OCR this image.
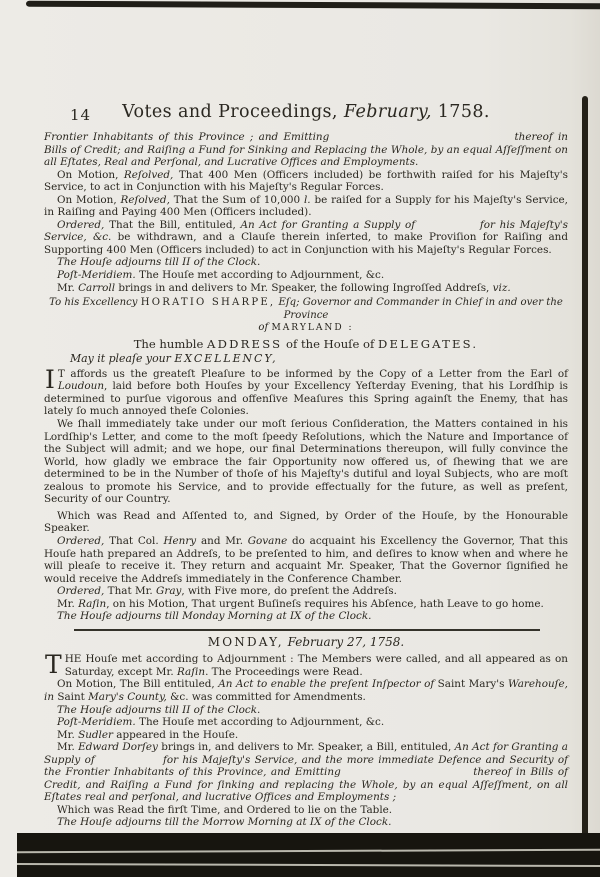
14	Votes and Proceedings, February, 1758.

Frontier Inhabitants of this Province ; and Emitting	thereof in Bills of Credit; and Raiſing a Fund for Sinking and Replacing the Whole, by an equal Aſſeſſment on all Eſtates, Real and Perſonal, and Lucrative Offices and Employments.

On Motion, Reſolved, That 400 Men (Officers included) be forthwith raiſed for his Majeſty's Service, to act in Conjunction with his Majeſty's Regular Forces.

On Motion, Reſolved, That the Sum of 10,000 l. be raiſed for a Supply for his Majeſty's Service, in Raiſing and Paying 400 Men (Officers included).

Ordered, That the Bill, entituled, An Act for Granting a Supply of	for his Majeſty's Service, &c. be withdrawn, and a Clauſe therein inſerted, to make Proviſion for Raiſing and Supporting 400 Men (Officers included) to act in Conjunction with his Majeſty's Regular Forces.

The Houſe adjourns till II of the Clock.

Poſt-Meridiem. The Houſe met according to Adjournment, &c.

Mr. Carroll brings in and delivers to Mr. Speaker, the following Ingroſſed Addreſs, viz.

To his Excellency HORATIO SHARPE, Eſq; Governor and Commander in Chief in and over the Province

of MARYLAND :

The humble ADDRESS of the Houſe of DELEGATES.

May it pleaſe your EXCELLENCY,

I T affords us the greateſt Pleaſure to be informed by the Copy of a Letter from the Earl of Loudoun, laid before both Houſes by your Excellency Yeſterday Evening, that his Lordſhip is determined to purſue vigorous and offenſive Meaſures this Spring againſt the Enemy, that has lately ſo much annoyed theſe Colonies.

We ſhall immediately take under our moſt ſerious Conſideration, the Matters contained in his Lordſhip's Letter, and come to the moſt ſpeedy Reſolutions, which the Nature and Importance of the Subject will admit; and we hope, our final Determinations thereupon, will fully convince the World, how gladly we embrace the fair Opportunity now offered us, of ſhewing that we are determined to be in the Number of thoſe of his Majeſty's dutiful and loyal Subjects, who are moſt zealous to promote his Service, and to provide effectually for the future, as well as preſent, Security of our Country.

Which was Read and Aſſented to, and Signed, by Order of the Houſe, by the Honourable Speaker.

Ordered, That Col. Henry and Mr. Govane do acquaint his Excellency the Governor, That this Houſe hath prepared an Addreſs, to be preſented to him, and deſires to know when and where he will pleaſe to receive it. They return and acquaint Mr. Speaker, That the Governor ſignified he would receive the Addreſs immediately in the Conference Chamber.

Ordered, That Mr. Gray, with Five more, do preſent the Addreſs.

Mr. Raſin, on his Motion, That urgent Buſineſs requires his Abſence, hath Leave to go home.

The Houſe adjourns till Monday Morning at IX of the Clock.

MONDAY, February 27, 1758.

THE Houſe met according to Adjournment : The Members were called, and all appeared as on Saturday, except Mr. Raſin. The Proceedings were Read.

On Motion, The Bill entituled, An Act to enable the preſent Inſpector of Saint Mary's Warehouſe, in Saint Mary's County, &c. was committed for Amendments.

The Houſe adjourns till II of the Clock.

Poſt-Meridiem. The Houſe met according to Adjournment, &c.

Mr. Sudler appeared in the Houſe.

Mr. Edward Dorſey brings in, and delivers to Mr. Speaker, a Bill, entituled, An Act for Granting a Supply of	for his Majeſty's Service, and the more immediate Defence and Security of the Frontier Inhabitants of this Province, and Emitting	thereof in Bills of Credit, and Raiſing a Fund for ſinking and replacing the Whole, by an equal Aſſeſſment, on all Eſtates real and perſonal, and lucrative Offices and Employments ;

Which was Read the firſt Time, and Ordered to lie on the Table.

The Houſe adjourns till the Morrow Morning at IX of the Clock.
